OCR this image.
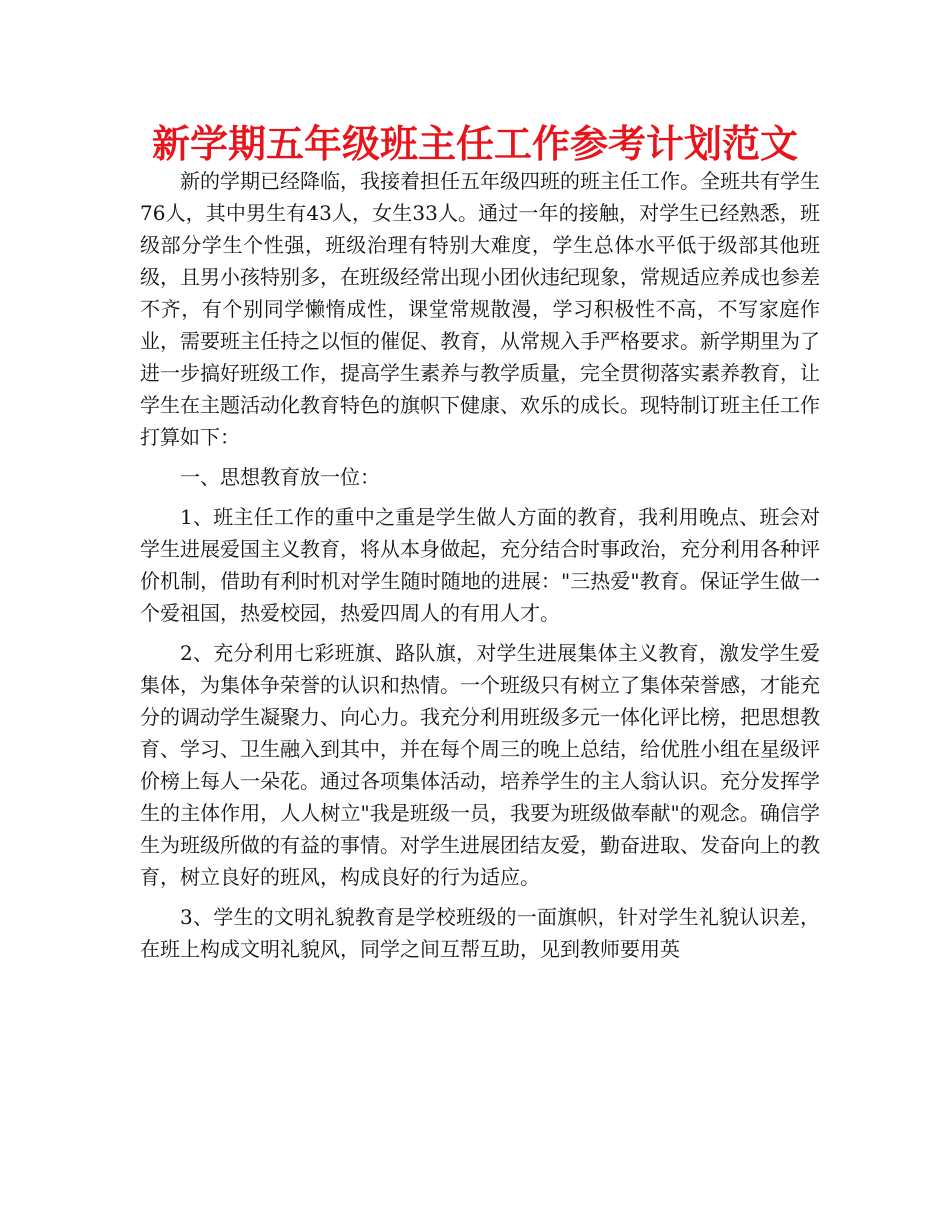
新学期五年级班主任工作参考计划范文

新的学期已经降临，我接着担任五年级四班的班主任工作。全班共有学生76人，其中男生有43人，女生33人。通过一年的接触，对学生已经熟悉，班级部分学生个性强，班级治理有特别大难度，学生总体水平低于级部其他班级，且男小孩特别多，在班级经常出现小团伙违纪现象，常规适应养成也参差不齐，有个别同学懒惰成性，课堂常规散漫，学习积极性不高，不写家庭作业，需要班主任持之以恒的催促、教育，从常规入手严格要求。新学期里为了进一步搞好班级工作，提高学生素养与教学质量，完全贯彻落实素养教育，让学生在主题活动化教育特色的旗帜下健康、欢乐的成长。现特制订班主任工作打算如下：

一、思想教育放一位：

1、班主任工作的重中之重是学生做人方面的教育，我利用晚点、班会对学生进展爱国主义教育，将从本身做起，充分结合时事政治，充分利用各种评价机制，借助有利时机对学生随时随地的进展："三热爱"教育。保证学生做一个爱祖国，热爱校园，热爱四周人的有用人才。

2、充分利用七彩班旗、路队旗，对学生进展集体主义教育，激发学生爱集体，为集体争荣誉的认识和热情。一个班级只有树立了集体荣誉感，才能充分的调动学生凝聚力、向心力。我充分利用班级多元一体化评比榜，把思想教育、学习、卫生融入到其中，并在每个周三的晚上总结，给优胜小组在星级评价榜上每人一朵花。通过各项集体活动，培养学生的主人翁认识。充分发挥学生的主体作用，人人树立"我是班级一员，我要为班级做奉献"的观念。确信学生为班级所做的有益的事情。对学生进展团结友爱，勤奋进取、发奋向上的教育，树立良好的班风，构成良好的行为适应。

3、学生的文明礼貌教育是学校班级的一面旗帜，针对学生礼貌认识差，在班上构成文明礼貌风，同学之间互帮互助，见到教师要用英
